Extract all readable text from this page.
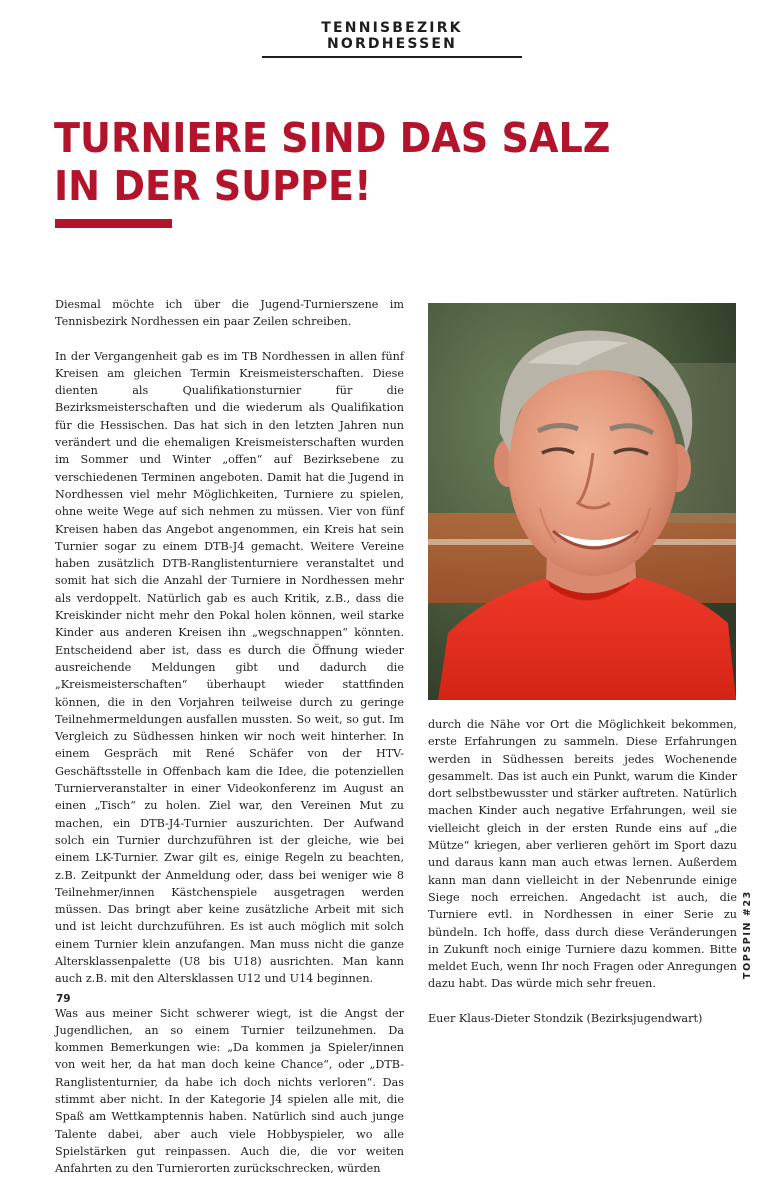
TENNISBEZIRK NORDHESSEN
TURNIERE SIND DAS SALZ
IN DER SUPPE!

Diesmal möchte ich über die Jugend-Turnierszene im Tennisbezirk Nordhessen ein paar Zeilen schreiben.

In der Vergangenheit gab es im TB Nordhessen in allen fünf Kreisen am gleichen Termin Kreismeisterschaften. Diese dienten als Qualifikationsturnier für die Bezirksmeisterschaften und die wiederum als Qualifikation für die Hessischen. Das hat sich in den letzten Jahren nun verändert und die ehemaligen Kreismeisterschaften wurden im Sommer und Winter „offen“ auf Bezirksebene zu verschiedenen Terminen angeboten. Damit hat die Jugend in Nordhessen viel mehr Möglichkeiten, Turniere zu spielen, ohne weite Wege auf sich nehmen zu müssen. Vier von fünf Kreisen haben das Angebot angenommen, ein Kreis hat sein Turnier sogar zu einem DTB-J4 gemacht. Weitere Vereine haben zusätzlich DTB-Ranglistenturniere veranstaltet und somit hat sich die Anzahl der Turniere in Nordhessen mehr als verdoppelt. Natürlich gab es auch Kritik, z.B., dass die Kreiskinder nicht mehr den Pokal holen können, weil starke Kinder aus anderen Kreisen ihn „wegschnappen“ könnten. Entscheidend aber ist, dass es durch die Öffnung wieder ausreichende Meldungen gibt und dadurch die „Kreismeisterschaften“ überhaupt wieder stattfinden können, die in den Vorjahren teilweise durch zu geringe Teilnehmermeldungen ausfallen mussten. So weit, so gut. Im Vergleich zu Südhessen hinken wir noch weit hinterher. In einem Gespräch mit René Schäfer von der HTV-Geschäftsstelle in Offenbach kam die Idee, die potenziellen Turnierveranstalter in einer Videokonferenz im August an einen „Tisch“ zu holen. Ziel war, den Vereinen Mut zu machen, ein DTB-J4-Turnier auszurichten. Der Aufwand solch ein Turnier durchzuführen ist der gleiche, wie bei einem LK-Turnier. Zwar gilt es, einige Regeln zu beachten, z.B. Zeitpunkt der Anmeldung oder, dass bei weniger wie 8 Teilnehmer/innen Kästchenspiele ausgetragen werden müssen. Das bringt aber keine zusätzliche Arbeit mit sich und ist leicht durchzuführen. Es ist auch möglich mit solch einem Turnier klein anzufangen. Man muss nicht die ganze Altersklassenpalette (U8 bis U18) ausrichten. Man kann auch z.B. mit den Altersklassen U12 und U14 beginnen.

Was aus meiner Sicht schwerer wiegt, ist die Angst der Jugendlichen, an so einem Turnier teilzunehmen. Da kommen Bemerkungen wie: „Da kommen ja Spieler/innen von weit her, da hat man doch keine Chance“, oder „DTB-Ranglistenturnier, da habe ich doch nichts verloren“. Das stimmt aber nicht. In der Kategorie J4 spielen alle mit, die Spaß am Wettkamptennis haben. Natürlich sind auch junge Talente dabei, aber auch viele Hobbyspieler, wo alle Spielstärken gut reinpassen. Auch die, die vor weiten Anfahrten zu den Turnierorten zurückschrecken, würden

durch die Nähe vor Ort die Möglichkeit bekommen, erste Erfahrungen zu sammeln. Diese Erfahrungen werden in Südhessen bereits jedes Wochenende gesammelt. Das ist auch ein Punkt, warum die Kinder dort selbstbewusster und stärker auftreten. Natürlich machen Kinder auch negative Erfahrungen, weil sie vielleicht gleich in der ersten Runde eins auf „die Mütze“ kriegen, aber verlieren gehört im Sport dazu und daraus kann man auch etwas lernen. Außerdem kann man dann vielleicht in der Nebenrunde einige Siege noch erreichen. Angedacht ist auch, die Turniere evtl. in Nordhessen in einer Serie zu bündeln. Ich hoffe, dass durch diese Veränderungen in Zukunft noch einige Turniere dazu kommen. Bitte meldet Euch, wenn Ihr noch Fragen oder Anregungen dazu habt. Das würde mich sehr freuen.

Euer Klaus-Dieter Stondzik (Bezirksjugendwart)

TOPSPIN #23
79
